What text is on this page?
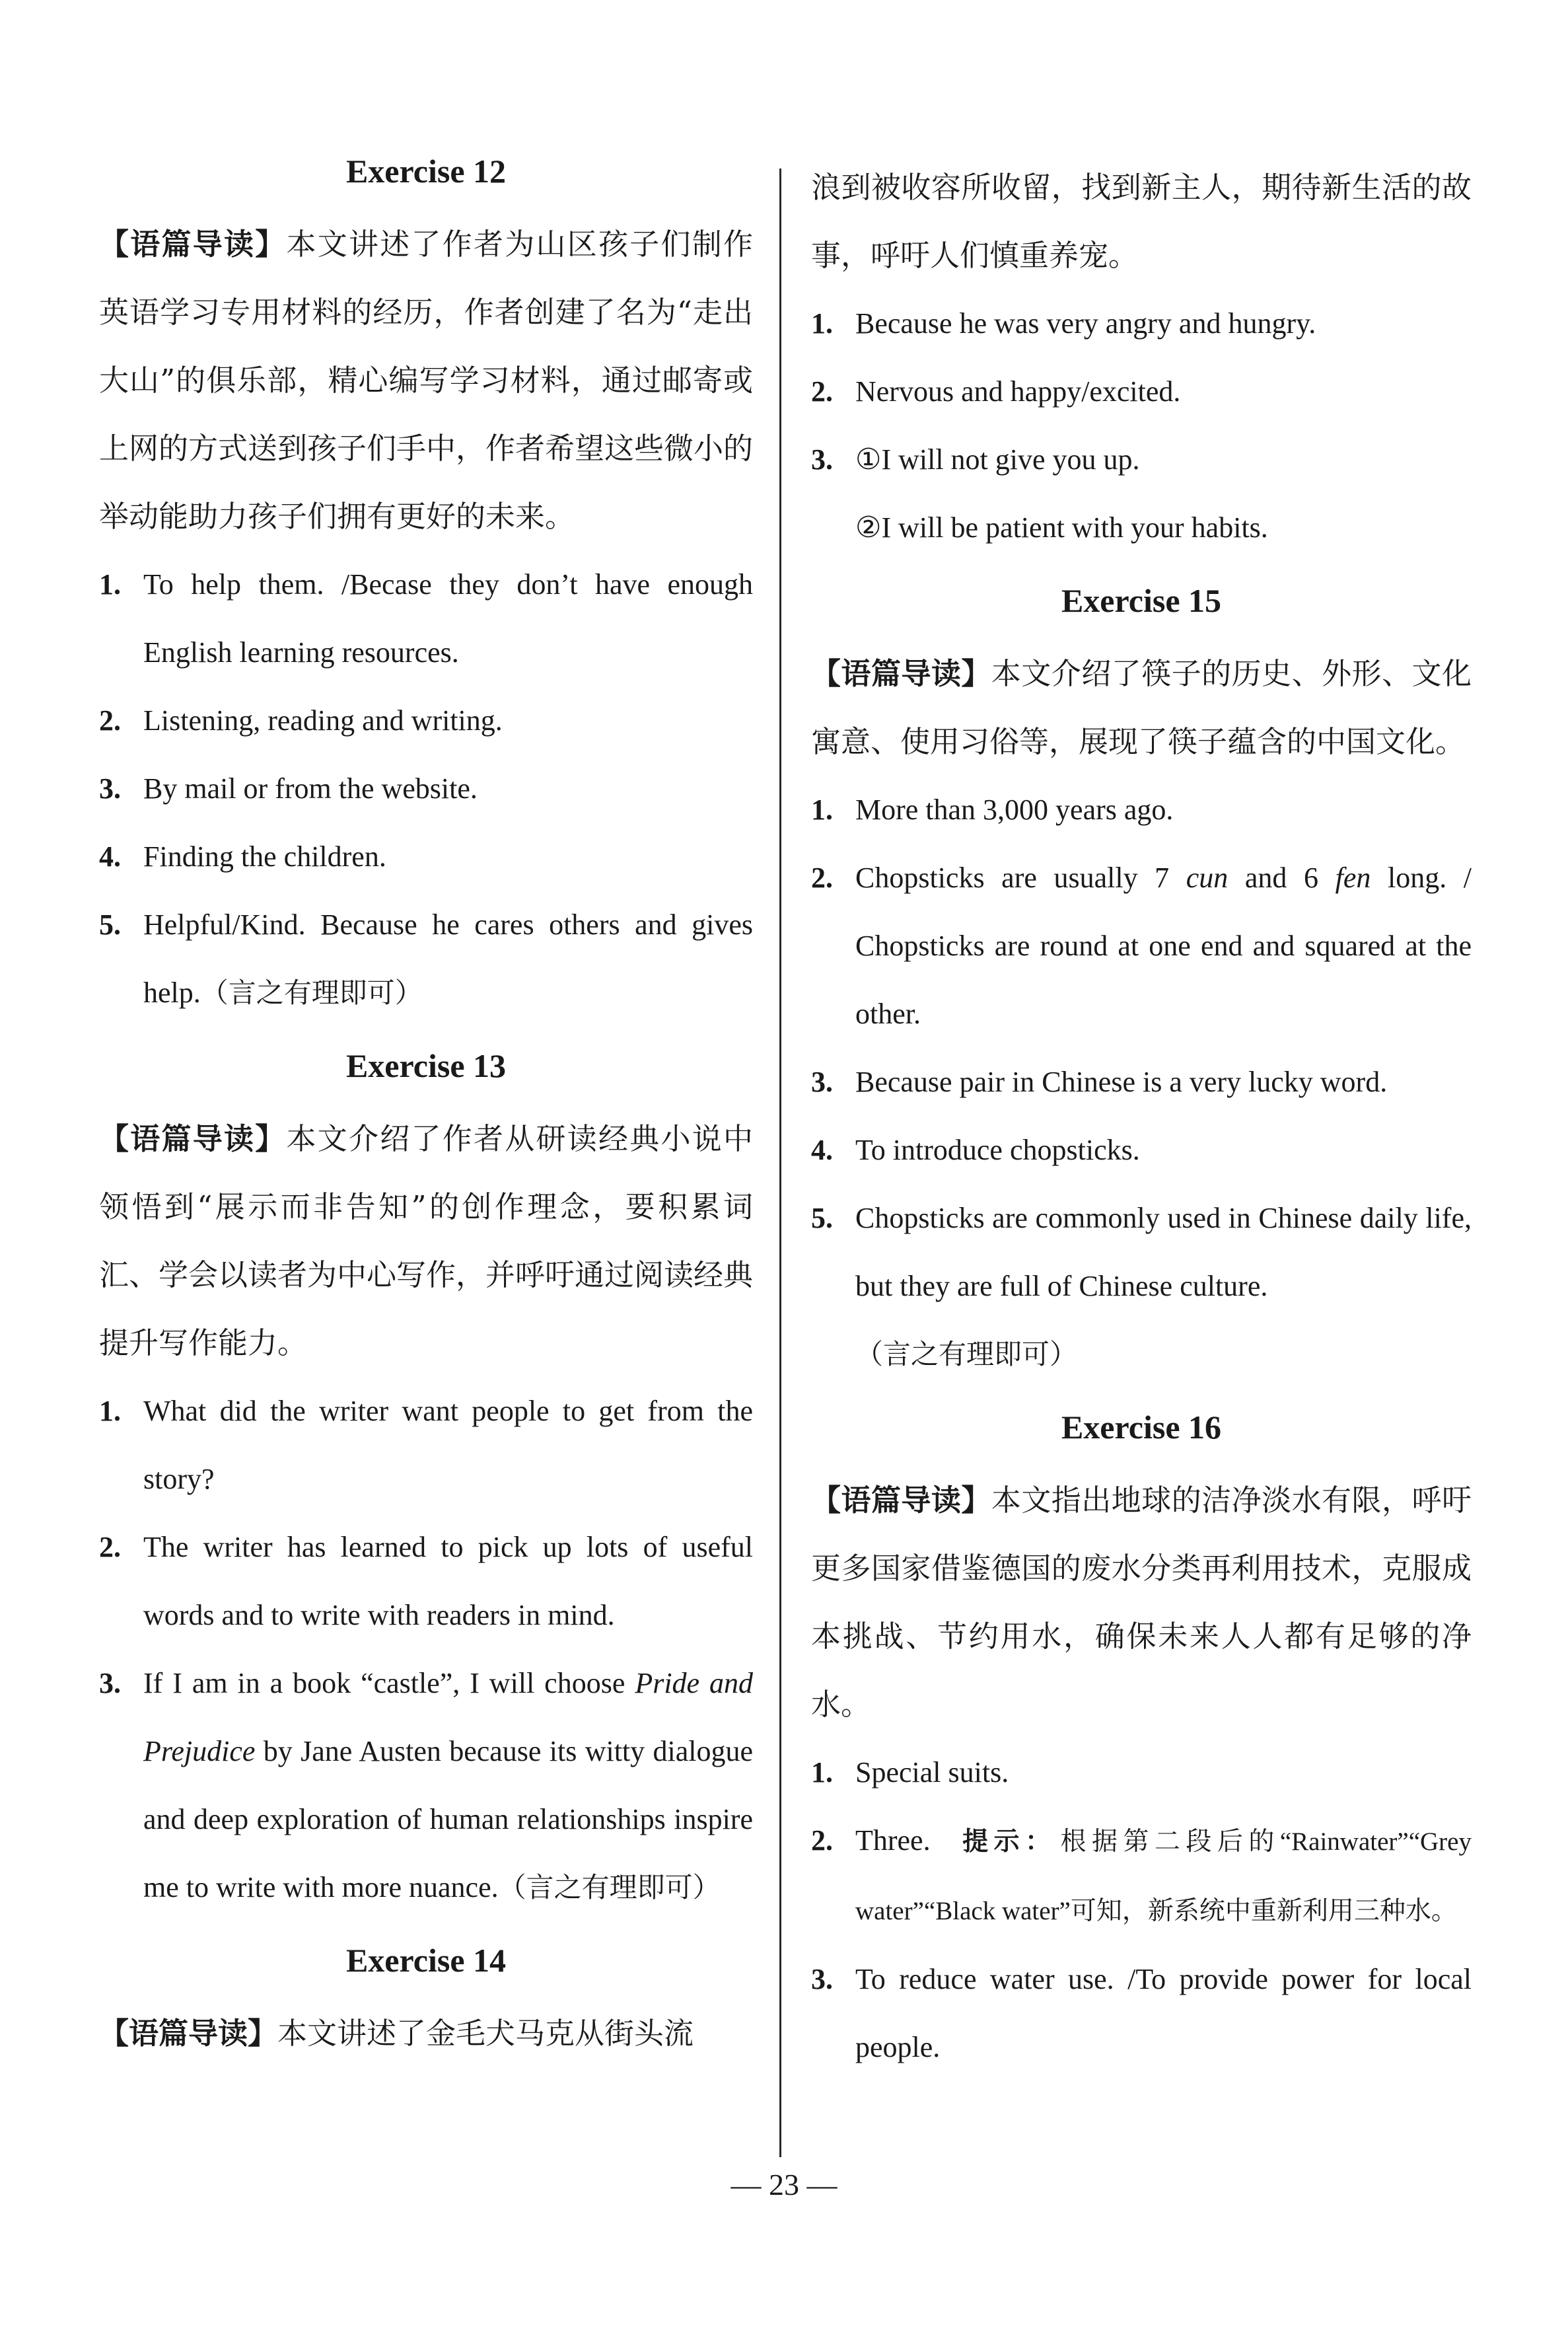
Exercise 12
【语篇导读】本文讲述了作者为山区孩子们制作英语学习专用材料的经历，作者创建了名为“走出大山”的俱乐部，精心编写学习材料，通过邮寄或上网的方式送到孩子们手中，作者希望这些微小的举动能助力孩子们拥有更好的未来。
1 . To help them. /Becase they don’t have enough English learning resources.
2 . Listening, reading and writing.
3 . By mail or from the website.
4 . Finding the children.
5 . Helpful/Kind. Because he cares others and gives help.（言之有理即可）
Exercise 13
【语篇导读】本文介绍了作者从研读经典小说中领悟到“展示而非告知”的创作理念，要积累词汇、学会以读者为中心写作，并呼吁通过阅读经典提升写作能力。
1 . What did the writer want people to get from the story?
2 . The writer has learned to pick up lots of useful words and to write with readers in mind.
3 . If I am in a book “castle”, I will choose Pride and Prejudice by Jane Austen because its witty dialogue and deep exploration of human relationships inspire me to write with more nuance.（言之有理即可）
Exercise 14
【语篇导读】本文讲述了金毛犬马克从街头流
浪到被收容所收留，找到新主人，期待新生活的故事，呼吁人们慎重养宠。
1 . Because he was very angry and hungry.
2 . Nervous and happy/excited.
3 . ①I will not give you up.
②I will be patient with your habits.
Exercise 15
【语篇导读】本文介绍了筷子的历史、外形、文化寓意、使用习俗等，展现了筷子蕴含的中国文化。
1 . More than 3,000 years ago.
2 . Chopsticks are usually 7 cun and 6 fen long. / Chopsticks are round at one end and squared at the other.
3 . Because pair in Chinese is a very lucky word.
4 . To introduce chopsticks.
5 . Chopsticks are commonly used in Chinese daily life, but they are full of Chinese culture.
（言之有理即可）
Exercise 16
【语篇导读】本文指出地球的洁净淡水有限，呼吁更多国家借鉴德国的废水分类再利用技术，克服成本挑战、节约用水，确保未来人人都有足够的净水。
1 . Special suits.
2 . Three. 提示： 根据第二段后的“Rainwater”“Grey water”“Black water”可知，新系统中重新利用三种水。
3 . To reduce water use. /To provide power for local people.
— 23 —
